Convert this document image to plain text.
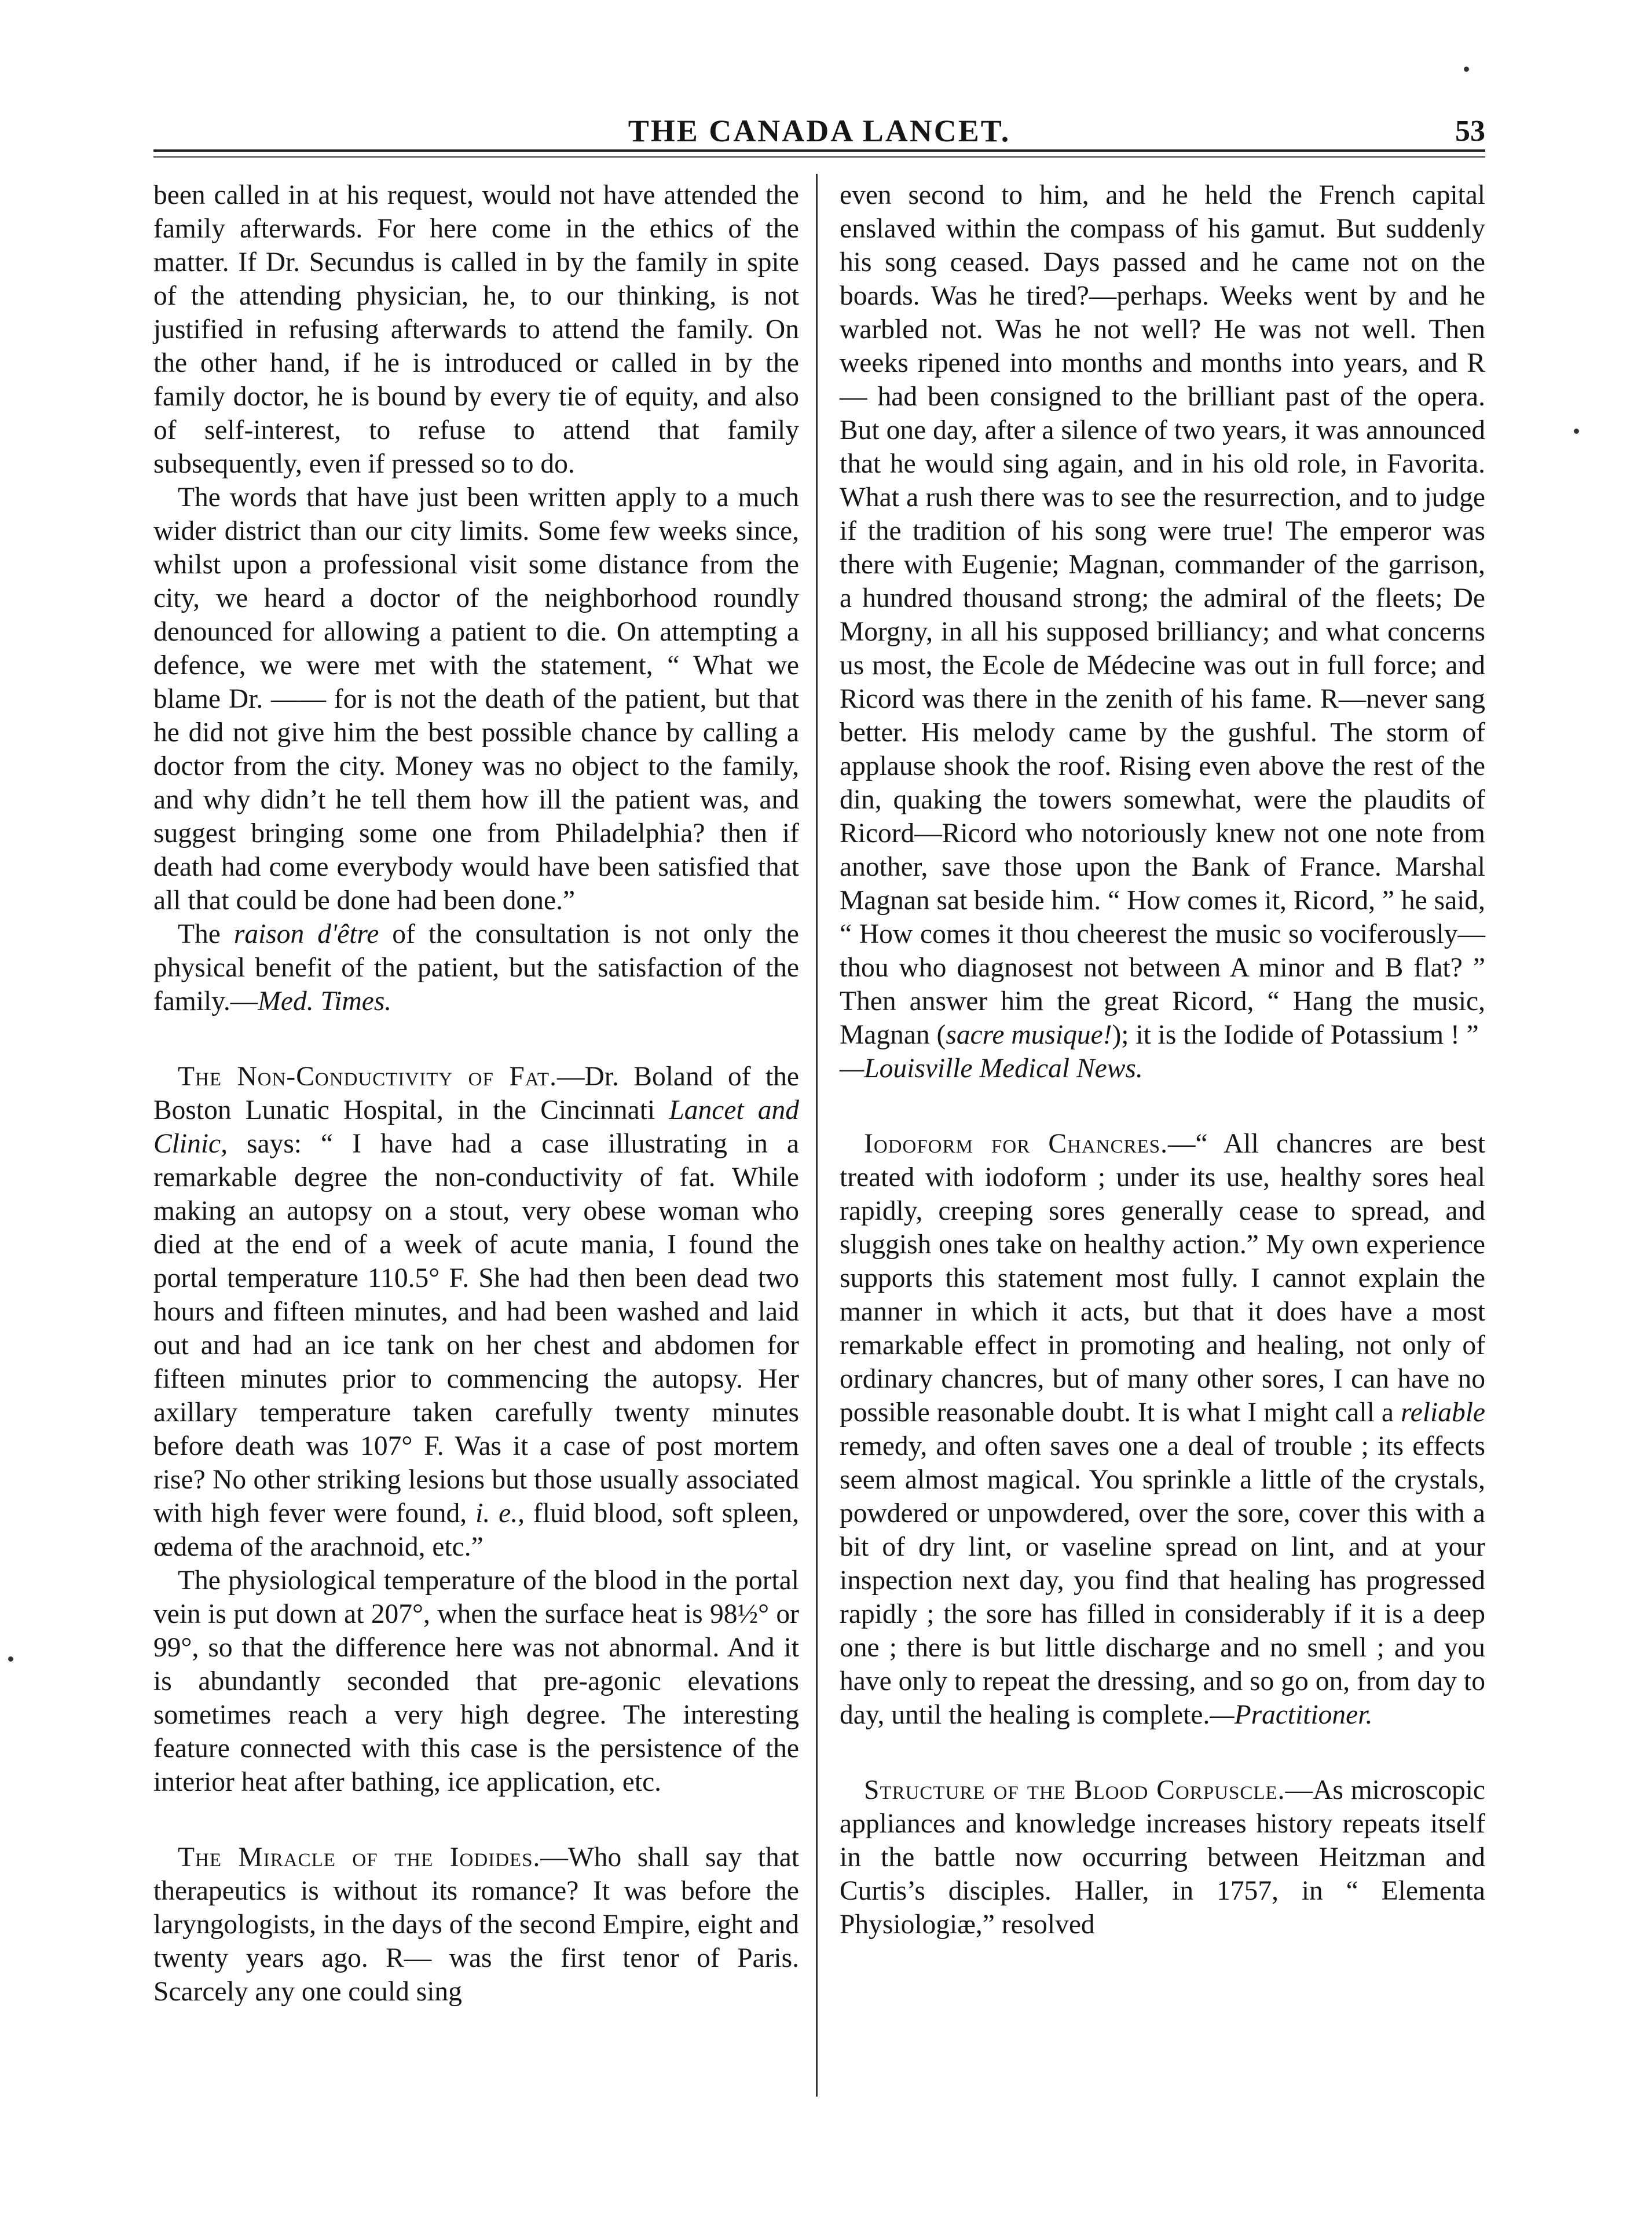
THE CANADA LANCET.	53

been called in at his request, would not have attended the family afterwards. For here come in the ethics of the matter. If Dr. Secundus is called in by the family in spite of the attending physician, he, to our thinking, is not justified in refusing afterwards to attend the family. On the other hand, if he is introduced or called in by the family doctor, he is bound by every tie of equity, and also of self-interest, to refuse to attend that family subsequently, even if pressed so to do.

The words that have just been written apply to a much wider district than our city limits. Some few weeks since, whilst upon a professional visit some distance from the city, we heard a doctor of the neighborhood roundly denounced for allowing a patient to die. On attempting a defence, we were met with the statement, “ What we blame Dr. —— for is not the death of the patient, but that he did not give him the best possible chance by calling a doctor from the city. Money was no object to the family, and why didn’t he tell them how ill the patient was, and suggest bringing some one from Philadelphia? then if death had come everybody would have been satisfied that all that could be done had been done.”

The raison d'être of the consultation is not only the physical benefit of the patient, but the satisfaction of the family.—Med. Times.

The Non-Conductivity of Fat.—Dr. Boland of the Boston Lunatic Hospital, in the Cincinnati Lancet and Clinic, says: “ I have had a case illustrating in a remarkable degree the non-conductivity of fat. While making an autopsy on a stout, very obese woman who died at the end of a week of acute mania, I found the portal temperature 110.5° F. She had then been dead two hours and fifteen minutes, and had been washed and laid out and had an ice tank on her chest and abdomen for fifteen minutes prior to commencing the autopsy. Her axillary temperature taken carefully twenty minutes before death was 107° F. Was it a case of post mortem rise? No other striking lesions but those usually associated with high fever were found, i. e., fluid blood, soft spleen, œdema of the arachnoid, etc.”

The physiological temperature of the blood in the portal vein is put down at 207°, when the surface heat is 98½° or 99°, so that the difference here was not abnormal. And it is abundantly seconded that pre-agonic elevations sometimes reach a very high degree. The interesting feature connected with this case is the persistence of the interior heat after bathing, ice application, etc.

The Miracle of the Iodides.—Who shall say that therapeutics is without its romance? It was before the laryngologists, in the days of the second Empire, eight and twenty years ago. R— was the first tenor of Paris. Scarcely any one could sing

even second to him, and he held the French capital enslaved within the compass of his gamut. But suddenly his song ceased. Days passed and he came not on the boards. Was he tired?—perhaps. Weeks went by and he warbled not. Was he not well? He was not well. Then weeks ripened into months and months into years, and R— had been consigned to the brilliant past of the opera. But one day, after a silence of two years, it was announced that he would sing again, and in his old role, in Favorita. What a rush there was to see the resurrection, and to judge if the tradition of his song were true! The emperor was there with Eugenie; Magnan, commander of the garrison, a hundred thousand strong; the admiral of the fleets; De Morgny, in all his supposed brilliancy; and what concerns us most, the Ecole de Médecine was out in full force; and Ricord was there in the zenith of his fame. R—never sang better. His melody came by the gushful. The storm of applause shook the roof. Rising even above the rest of the din, quaking the towers somewhat, were the plaudits of Ricord—Ricord who notoriously knew not one note from another, save those upon the Bank of France. Marshal Magnan sat beside him. “ How comes it, Ricord, ” he said, “ How comes it thou cheerest the music so vociferously—thou who diagnosest not between A minor and B flat? ” Then answer him the great Ricord, “ Hang the music, Magnan (sacre musique!); it is the Iodide of Potassium ! ”
—Louisville Medical News.

Iodoform for Chancres.—“ All chancres are best treated with iodoform ; under its use, healthy sores heal rapidly, creeping sores generally cease to spread, and sluggish ones take on healthy action.” My own experience supports this statement most fully. I cannot explain the manner in which it acts, but that it does have a most remarkable effect in promoting and healing, not only of ordinary chancres, but of many other sores, I can have no possible reasonable doubt. It is what I might call a reliable remedy, and often saves one a deal of trouble ; its effects seem almost magical. You sprinkle a little of the crystals, powdered or unpowdered, over the sore, cover this with a bit of dry lint, or vaseline spread on lint, and at your inspection next day, you find that healing has progressed rapidly ; the sore has filled in considerably if it is a deep one ; there is but little discharge and no smell ; and you have only to repeat the dressing, and so go on, from day to day, until the healing is complete.—Practitioner.

Structure of the Blood Corpuscle.—As microscopic appliances and knowledge increases history repeats itself in the battle now occurring between Heitzman and Curtis’s disciples. Haller, in 1757, in “ Elementa Physiologiæ,” resolved
